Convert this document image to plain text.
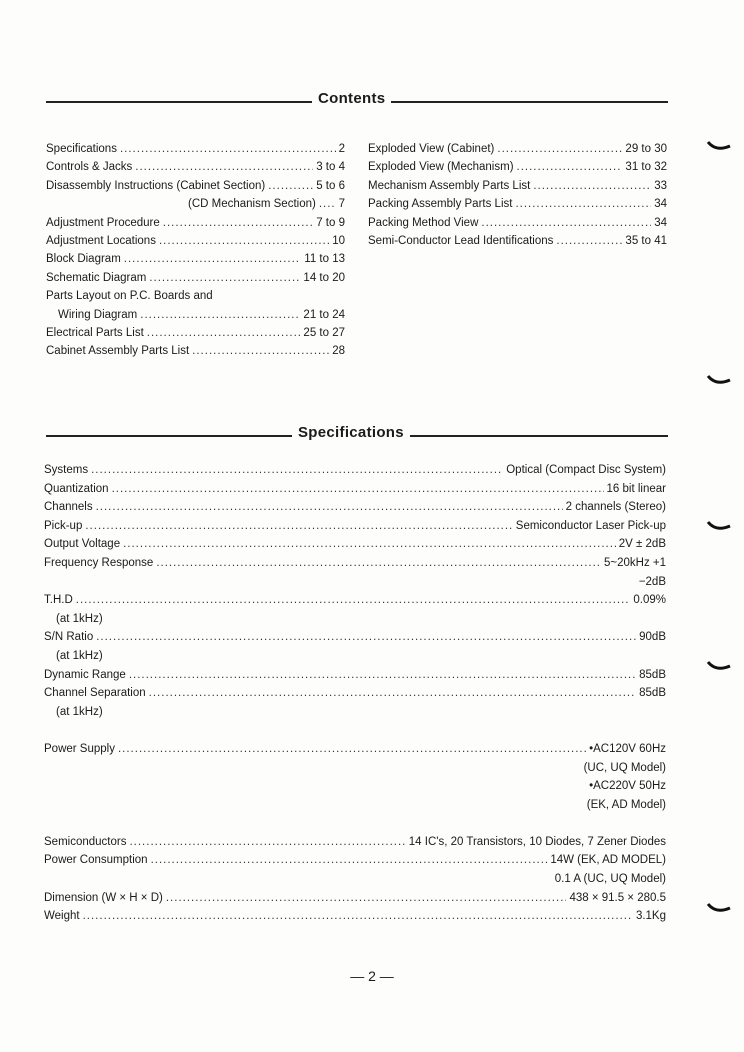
Contents
Specifications .....	2
Controls & Jacks .....	3 to 4
Disassembly Instructions (Cabinet Section) .....	5 to 6
(CD Mechanism Section) ..... 7
Adjustment Procedure .....	7 to 9
Adjustment Locations .....	10
Block Diagram .....	11 to 13
Schematic Diagram .....	14 to 20
Parts Layout on P.C. Boards and
Wiring Diagram .....	21 to 24
Electrical Parts List .....	25 to 27
Cabinet Assembly Parts List .....	28
Exploded View (Cabinet) .....	29 to 30
Exploded View (Mechanism) .....	31 to 32
Mechanism Assembly Parts List .....	33
Packing Assembly Parts List .....	34
Packing Method View .....	34
Semi-Conductor Lead Identifications .....	35 to 41
Specifications
Systems .....	Optical (Compact Disc System)
Quantization .....	16 bit linear
Channels .....	2 channels (Stereo)
Pick-up .....	Semiconductor Laser Pick-up
Output Voltage .....	2V ± 2dB
Frequency Response .....	5~20kHz +1
−2dB
T.H.D .....	0.09%
(at 1kHz)
S/N Ratio .....	90dB
(at 1kHz)
Dynamic Range .....	85dB
Channel Separation .....	85dB
(at 1kHz)
Power Supply .....	•AC120V 60Hz
(UC, UQ Model)
•AC220V 50Hz
(EK, AD Model)
Semiconductors .....	14 IC's, 20 Transistors, 10 Diodes, 7 Zener Diodes
Power Consumption .....	14W (EK, AD MODEL)
0.1 A (UC, UQ Model)
Dimension (W × H × D) .....	438 × 91.5 × 280.5
Weight .....	3.1Kg
— 2 —
